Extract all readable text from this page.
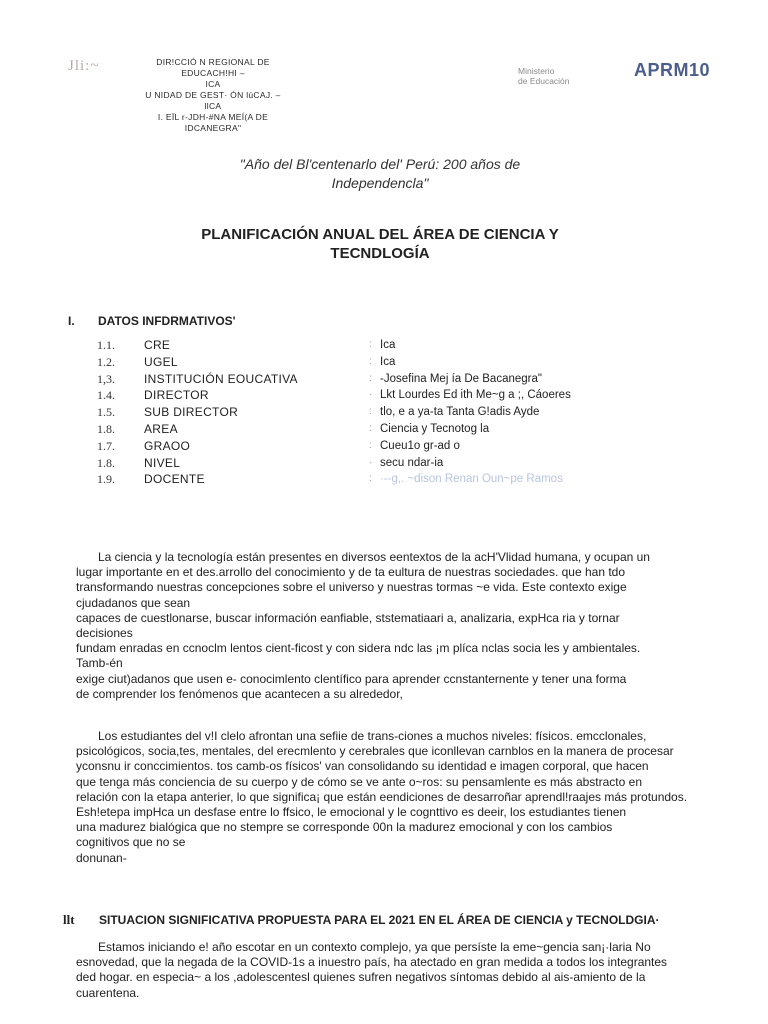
Jli:~	DIR!CCIÓ N REGIONAL DE EDUCACH!HI –
ICA
U NIDAD DE GEST· ÓN lúCAJ. –
llCA
I. EÏL r-JDH-#NA MEÍ(A DE
IDCANEGRA"
Ministerio
de Educación
APRM10
"Año del Bl'centenarlo del' Perú: 200 años de
Independencla"
PLANIFICACIÓN ANUAL DEL ÁREA DE CIENCIA Y
TECNDLOGÍA
I. DATOS INFDRMATIVOS'
1.1.	CRE	: Ica
1.2.	UGEL	: Ica
1,3.	INSTITUCIÓN EOUCATIVA	: -Josefina Mej ía De Bacanegra"
1.4.	DIRECTOR	· Lkt Lourdes Ed ith Me~g a ;, Cáoeres
1.5.	SUB DIRECTOR	: tlo, e a ya-ta Tanta G!adis Ayde
1.8.	AREA	: Ciencia y Tecnotog la
1.7.	GRAOO	: Cueu1o gr-ad o
1.8.	NIVEL	· secu ndar-ia
1.9.	DOCENTE	: ·--g,. ~dison Renan Oun~pe Ramos

La ciencia y la tecnología están presentes en diversos eentextos de la acH'Vlidad humana, y ocupan un

lugar importante en et des.arrollo del conocimiento y de ta eultura de nuestras sociedades. que han tdo

transformando nuestras concepciones sobre el universo y nuestras tormas ~e vida. Este contexto exige

cjudadanos que sean

capaces de cuestlonarse, buscar información eanfiable, ststematiaari a, analizaria, expHca ria y tornar

decisiones

fundam enradas en ccnoclm lentos cient-ficost y con sidera ndc las ¡m plíca nclas socia les y ambientales.

Tamb-én

exige ciut)adanos que usen e- conocimlento clentífico para aprender ccnstanternente y tener una forma

de comprender los fenómenos que acantecen a su alrededor,

Los estudiantes del v!I clelo afrontan una sefiie de trans-ciones a muchos niveles: físicos. emcclonales,

psicológicos, socia,tes, mentales, del erecmlento y cerebrales que iconllevan carnblos en la manera de procesar

yconsnu ir conccimientos. tos camb-os físicos' van consolidando su identidad e imagen corporal, que hacen

que tenga más conciencia de su cuerpo y de cómo se ve ante o~ros: su pensamlente es más abstracto en

relación con la etapa anterier, lo que significa¡ que están eendiciones de desarroñar aprendl!raajes más protundos.

Esh!etepa impHca un desfase entre lo ffsico, le emocional y le cognttivo es deeir, los estudiantes tienen

una madurez bialógica que no stempre se corresponde 00n la madurez emocional y con los cambios

cognitivos que no se

donunan-

llt SITUACION SIGNIFICATIVA PROPUESTA PARA EL 2021 EN EL ÁREA DE CIENCIA y TECNOLDGIA·

Estamos iniciando e! año escotar en un contexto complejo, ya que persíste la eme~gencia san¡·laria No

esnovedad, que la negada de la COVID-1s a inuestro país, ha atectado en gran medida a todos los integrantes

ded hogar. en especia~ a los ,adolescentesl quienes sufren negativos síntomas debido al ais-amiento de la

cuarentena.
